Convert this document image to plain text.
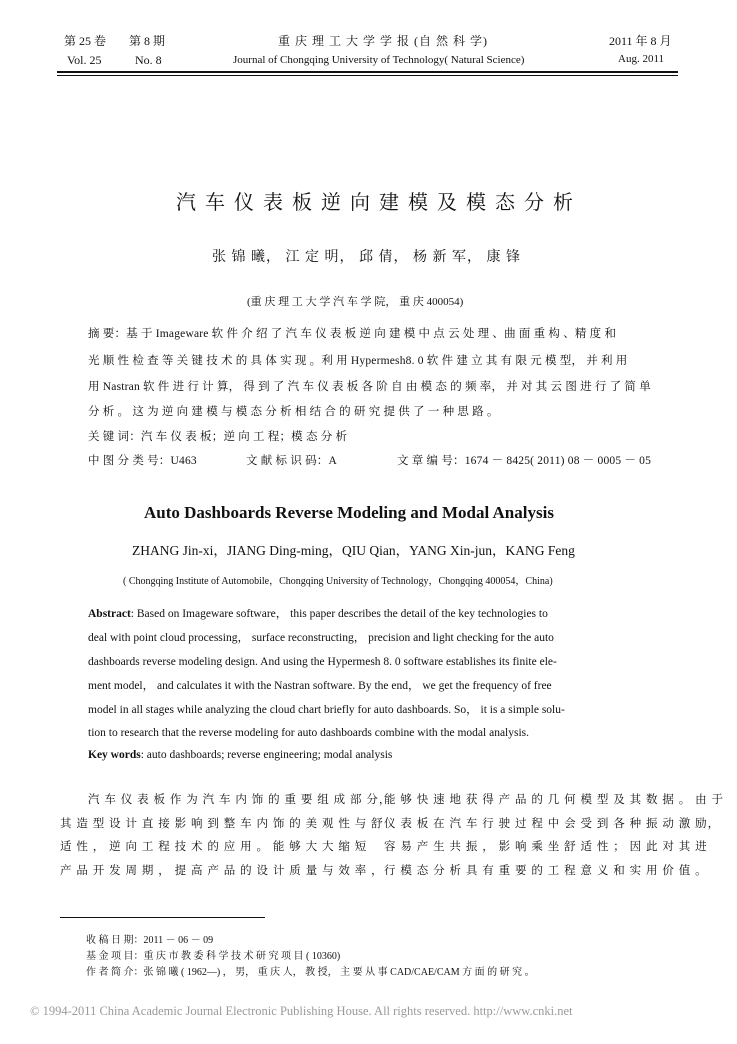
第 25 卷 第 8 期	重 庆 理 工 大 学 学 报 (自 然 科 学)	2011 年 8 月
Vol. 25	No. 8	Journal of Chongqing University of Technology( Natural Science)	Aug. 2011
汽 车 仪 表 板 逆 向 建 模 及 模 态 分 析
张 锦 曦， 江 定 明， 邱 倩， 杨 新 军， 康 锋
(重 庆 理 工 大 学 汽 车 学 院， 重 庆 400054)
摘 要：基 于 Imageware 软 件 介 绍 了 汽 车 仪 表 板 逆 向 建 模 中 点 云 处 理 、曲 面 重 构 、精 度 和
光 顺 性 检 查 等 关 键 技 术 的 具 体 实 现 。利 用 Hypermesh8. 0 软 件 建 立 其 有 限 元 模 型， 并 利 用
用 Nastran 软 件 进 行 计 算， 得 到 了 汽 车 仪 表 板 各 阶 自 由 模 态 的 频 率， 并 对 其 云 图 进 行 了 简 单
分 析 。 这 为 逆 向 建 模 与 模 态 分 析 相 结 合 的 研 究 提 供 了 一 种 思 路 。
关 键 词：汽 车 仪 表 板；逆 向 工 程；模 态 分 析
中 图 分 类 号：U463	文 献 标 识 码：A	文 章 编 号：1674 － 8425( 2011) 08 － 0005 － 05
Auto Dashboards Reverse Modeling and Modal Analysis
ZHANG Jin-xi，JIANG Ding-ming，QIU Qian，YANG Xin-jun，KANG Feng
( Chongqing Institute of Automobile，Chongqing University of Technology，Chongqing 400054，China)
Abstract: Based on Imageware software， this paper describes the detail of the key technologies to
deal with point cloud processing， surface reconstructing， precision and light checking for the auto
dashboards reverse modeling design. And using the Hypermesh 8. 0 software establishes its finite ele-
ment model， and calculates it with the Nastran software. By the end， we get the frequency of free
model in all stages while analyzing the cloud chart briefly for auto dashboards. So， it is a simple solu-
tion to research that the reverse modeling for auto dashboards combine with the modal analysis.
Key words: auto dashboards; reverse engineering; modal analysis
汽 车 仪 表 板 作 为 汽 车 内 饰 的 重 要 组 成 部 分，
其 造 型 设 计 直 接 影 响 到 整 车 内 饰 的 美 观 性 与 舒
适 性 ， 逆 向 工 程 技 术 的 应 用 。 能 够 大 大 缩 短
产 品 开 发 周 期 ， 提 高 产 品 的 设 计 质 量 与 效 率 ，
能 够 快 速 地 获 得 产 品 的 几 何 模 型 及 其 数 据 。 由 于
仪 表 板 在 汽 车 行 驶 过 程 中 会 受 到 各 种 振 动 激 励，
容 易 产 生 共 振 ， 影 响 乘 坐 舒 适 性 ； 因 此 对 其 进
行 模 态 分 析 具 有 重 要 的 工 程 意 义 和 实 用 价 值 。
收 稿 日 期：2011 － 06 － 09
基 金 项 目：重 庆 市 教 委 科 学 技 术 研 究 项 目 ( 10360)
作 者 简 介：张 锦 曦 ( 1962—) ， 男， 重 庆 人， 教 授， 主 要 从 事 CAD/CAE/CAM 方 面 的 研 究 。
© 1994-2011 China Academic Journal Electronic Publishing House. All rights reserved. http://www.cnki.net
